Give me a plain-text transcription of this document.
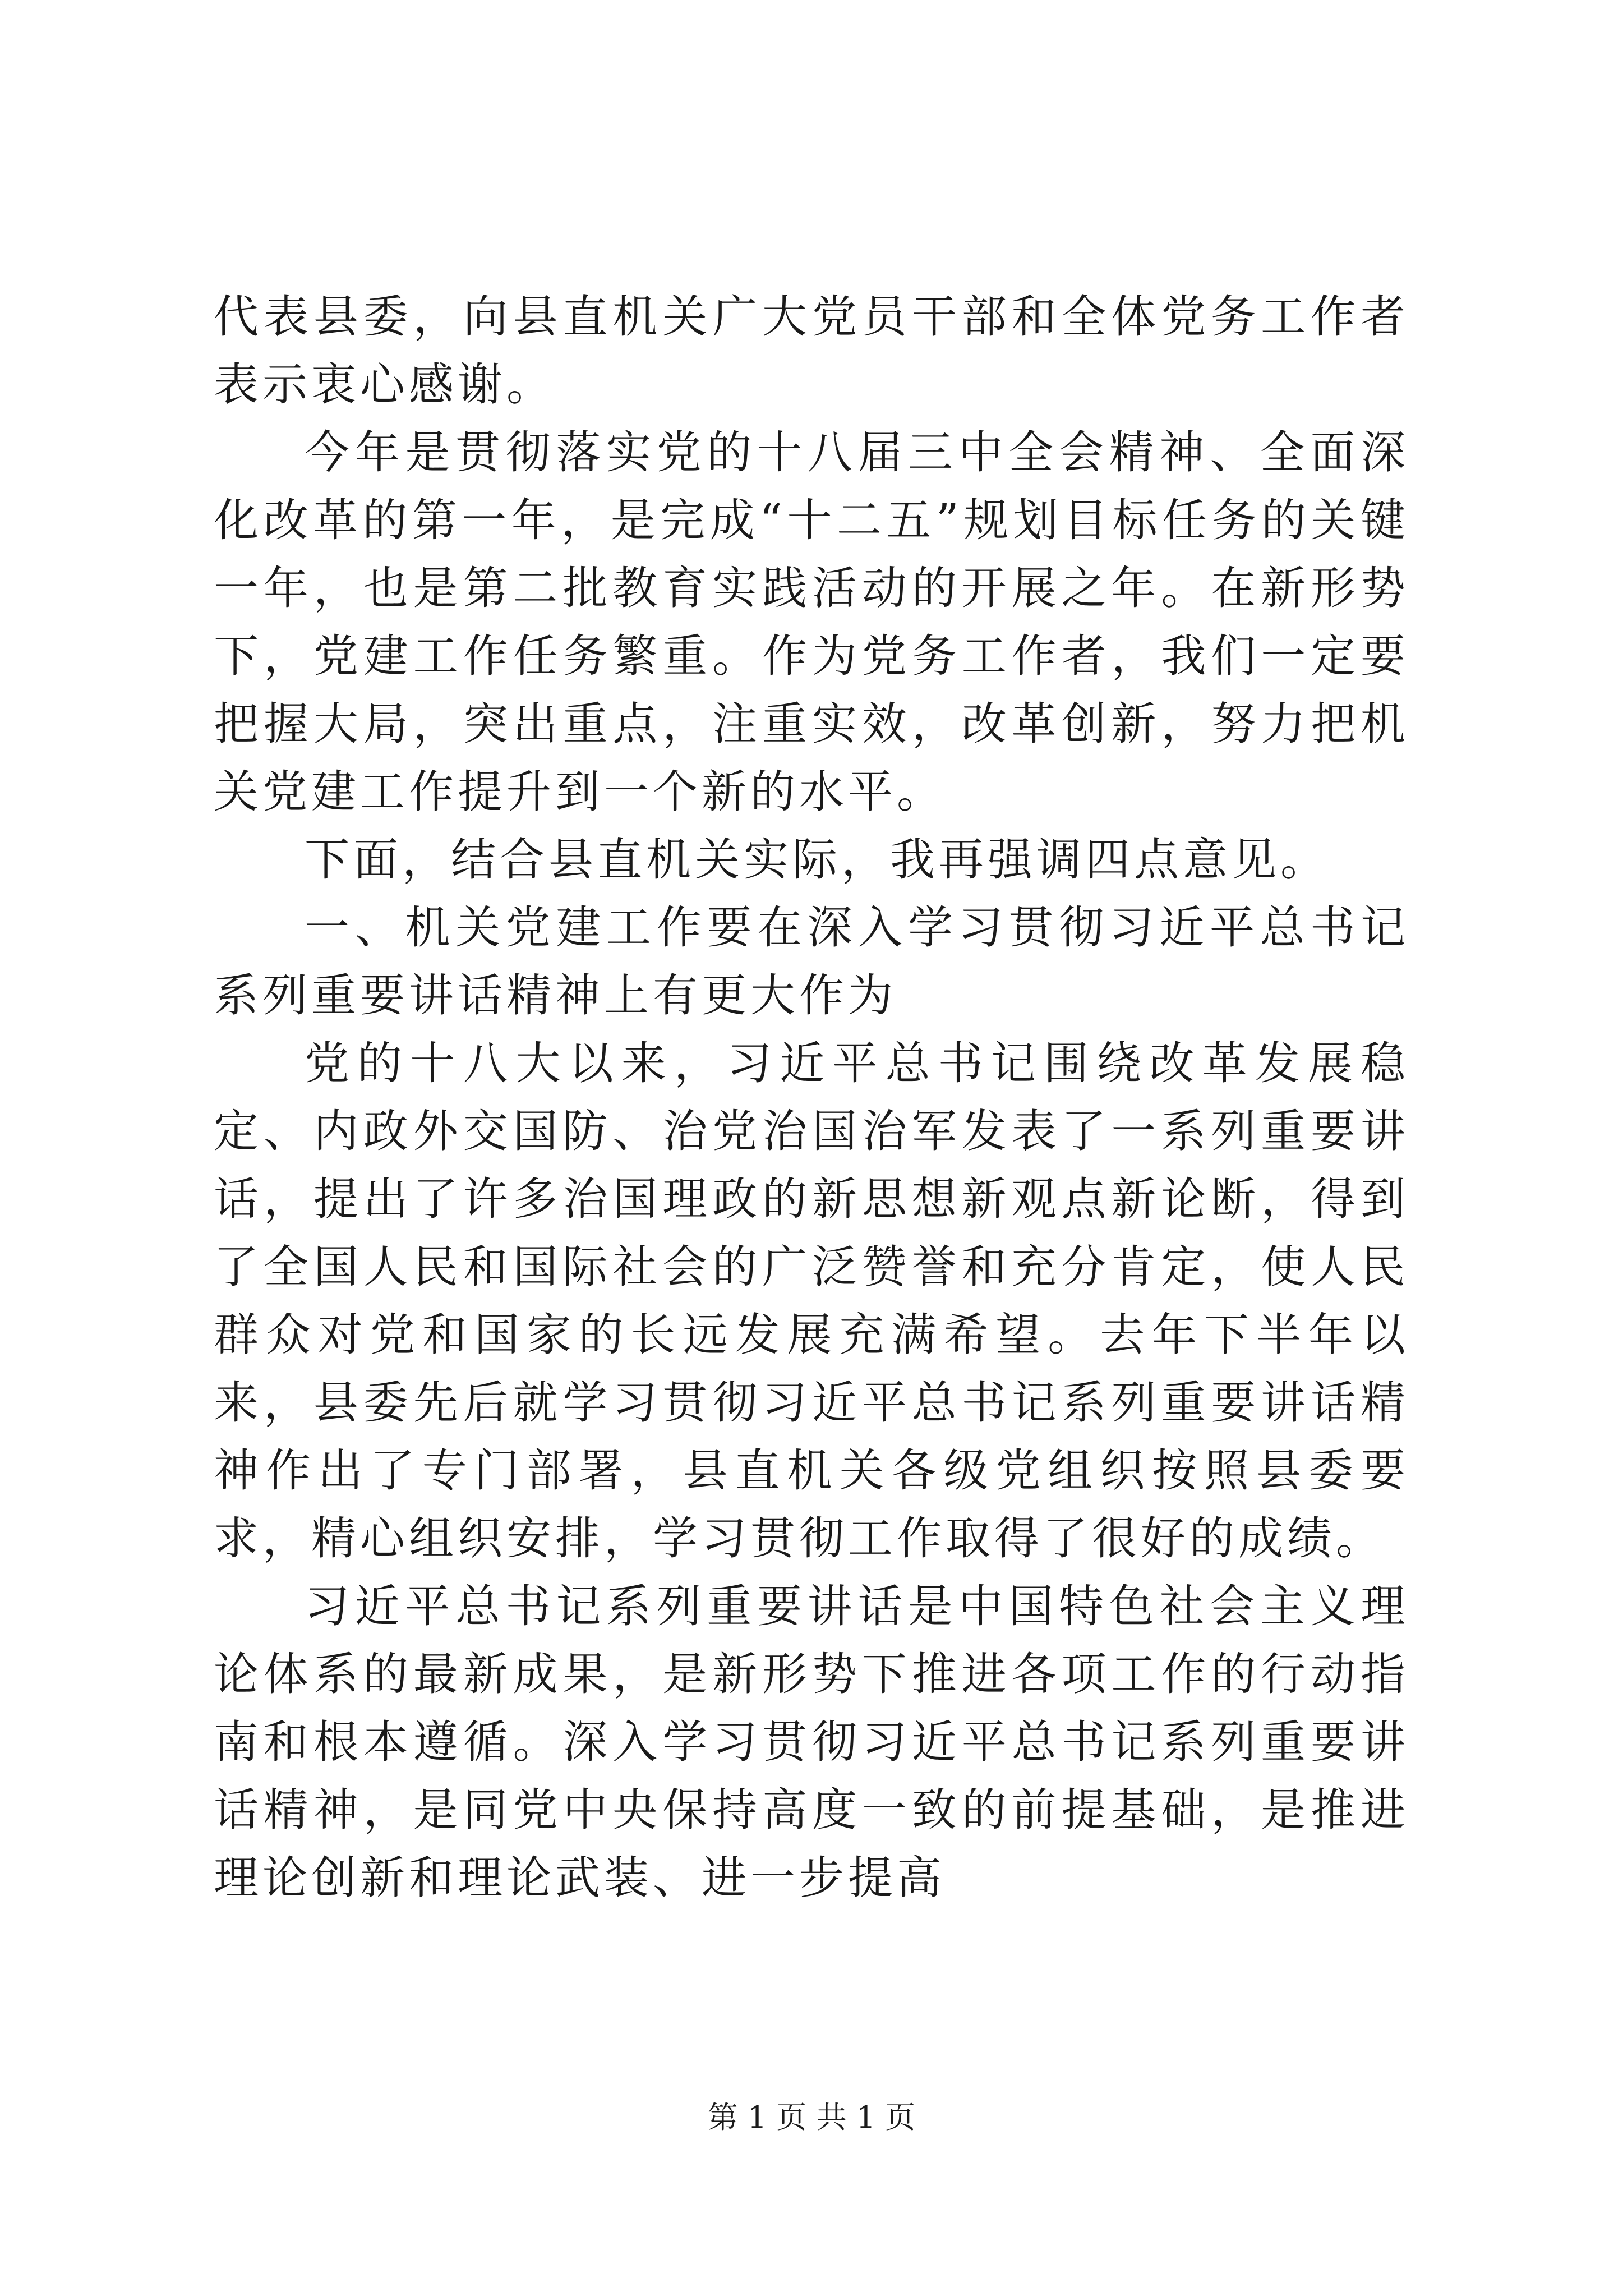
代表县委，向县直机关广大党员干部和全体党务工作者表示衷心感谢。

今年是贯彻落实党的十八届三中全会精神、全面深化改革的第一年，是完成“十二五”规划目标任务的关键一年，也是第二批教育实践活动的开展之年。在新形势下，党建工作任务繁重。作为党务工作者，我们一定要把握大局，突出重点，注重实效，改革创新，努力把机关党建工作提升到一个新的水平。

下面，结合县直机关实际，我再强调四点意见。

一、机关党建工作要在深入学习贯彻习近平总书记系列重要讲话精神上有更大作为

党的十八大以来，习近平总书记围绕改革发展稳定、内政外交国防、治党治国治军发表了一系列重要讲话，提出了许多治国理政的新思想新观点新论断，得到了全国人民和国际社会的广泛赞誉和充分肯定，使人民群众对党和国家的长远发展充满希望。去年下半年以来，县委先后就学习贯彻习近平总书记系列重要讲话精神作出了专门部署，县直机关各级党组织按照县委要求，精心组织安排，学习贯彻工作取得了很好的成绩。

习近平总书记系列重要讲话是中国特色社会主义理论体系的最新成果，是新形势下推进各项工作的行动指南和根本遵循。深入学习贯彻习近平总书记系列重要讲话精神，是同党中央保持高度一致的前提基础，是推进理论创新和理论武装、进一步提高

第 1 页 共 1 页
